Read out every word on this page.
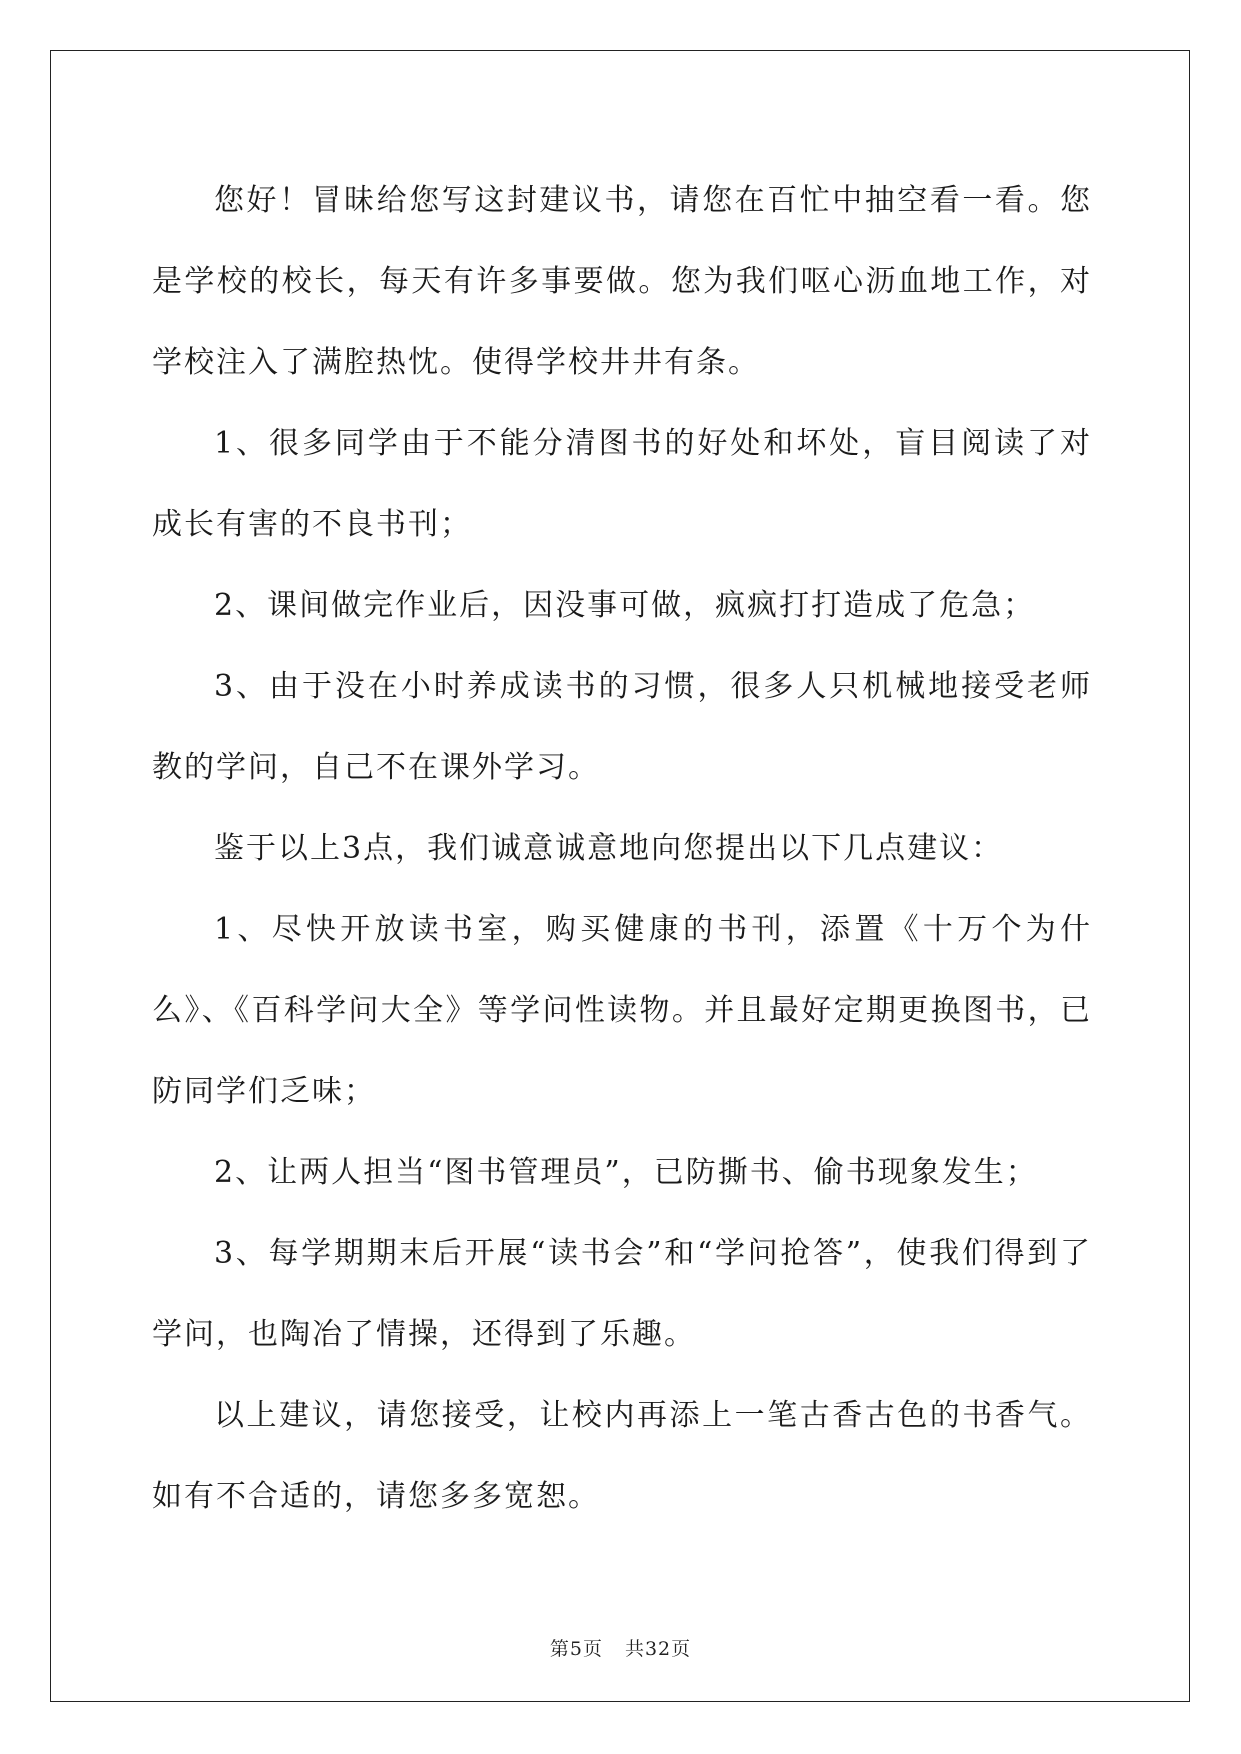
您好！冒昧给您写这封建议书，请您在百忙中抽空看一看。您是学校的校长，每天有许多事要做。您为我们呕心沥血地工作，对学校注入了满腔热忱。使得学校井井有条。

1、很多同学由于不能分清图书的好处和坏处，盲目阅读了对成长有害的不良书刊；

2、课间做完作业后，因没事可做，疯疯打打造成了危急；

3、由于没在小时养成读书的习惯，很多人只机械地接受老师教的学问，自己不在课外学习。

鉴于以上3点，我们诚意诚意地向您提出以下几点建议：

1、尽快开放读书室，购买健康的书刊，添置《十万个为什么》、《百科学问大全》等学问性读物。并且最好定期更换图书，已防同学们乏味；

2、让两人担当“图书管理员”，已防撕书、偷书现象发生；

3、每学期期末后开展“读书会”和“学问抢答”，使我们得到了学问，也陶冶了情操，还得到了乐趣。

以上建议，请您接受，让校内再添上一笔古香古色的书香气。如有不合适的，请您多多宽恕。

第5页 共32页
